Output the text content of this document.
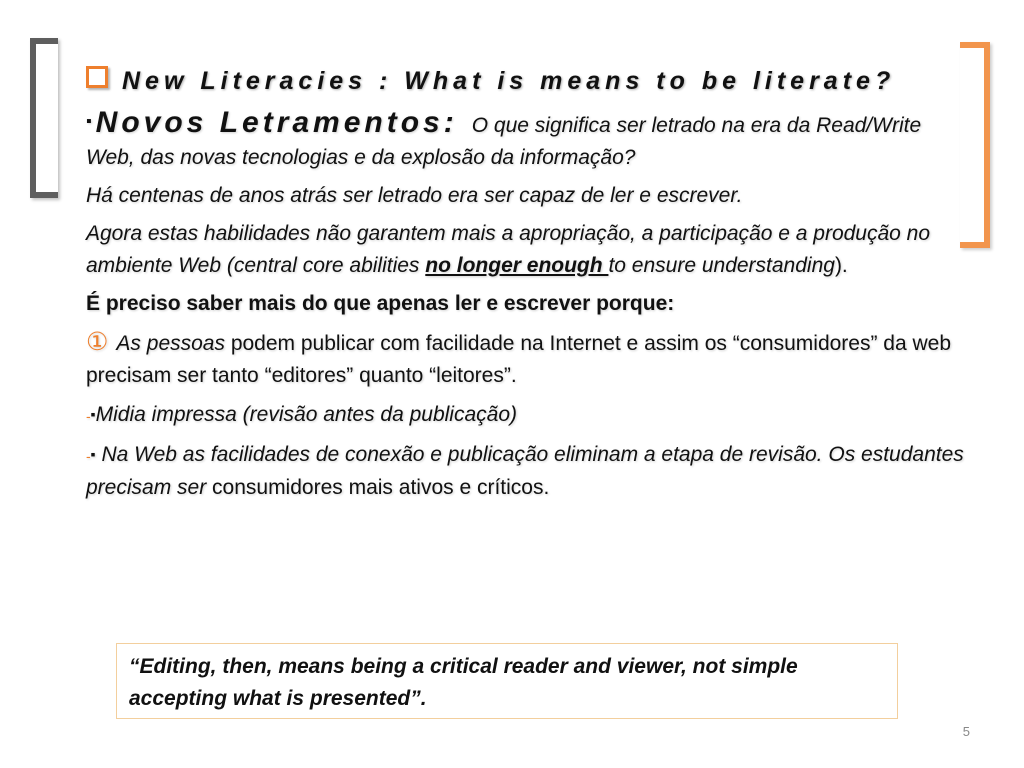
New Literacies : What is means to be literate?
▪Novos Letramentos: O que significa ser letrado na era da Read/Write Web, das novas tecnologias e da explosão da informação?
Há centenas de anos atrás ser letrado era ser capaz de ler e escrever.
Agora estas habilidades não garantem mais a apropriação, a participação e a produção no ambiente Web (central core abilities no longer enough to ensure understanding).
É preciso saber mais do que apenas ler e escrever porque:
① As pessoas podem publicar com facilidade na Internet e assim os “consumidores” da web precisam ser tanto “editores” quanto “leitores”.
-▪Midia impressa (revisão antes da publicação)
-▪ Na Web as facilidades de conexão e publicação eliminam a etapa de revisão. Os estudantes precisam ser consumidores mais ativos e críticos.
“Editing, then, means being a critical reader and viewer, not simple accepting what is presented”.
5
